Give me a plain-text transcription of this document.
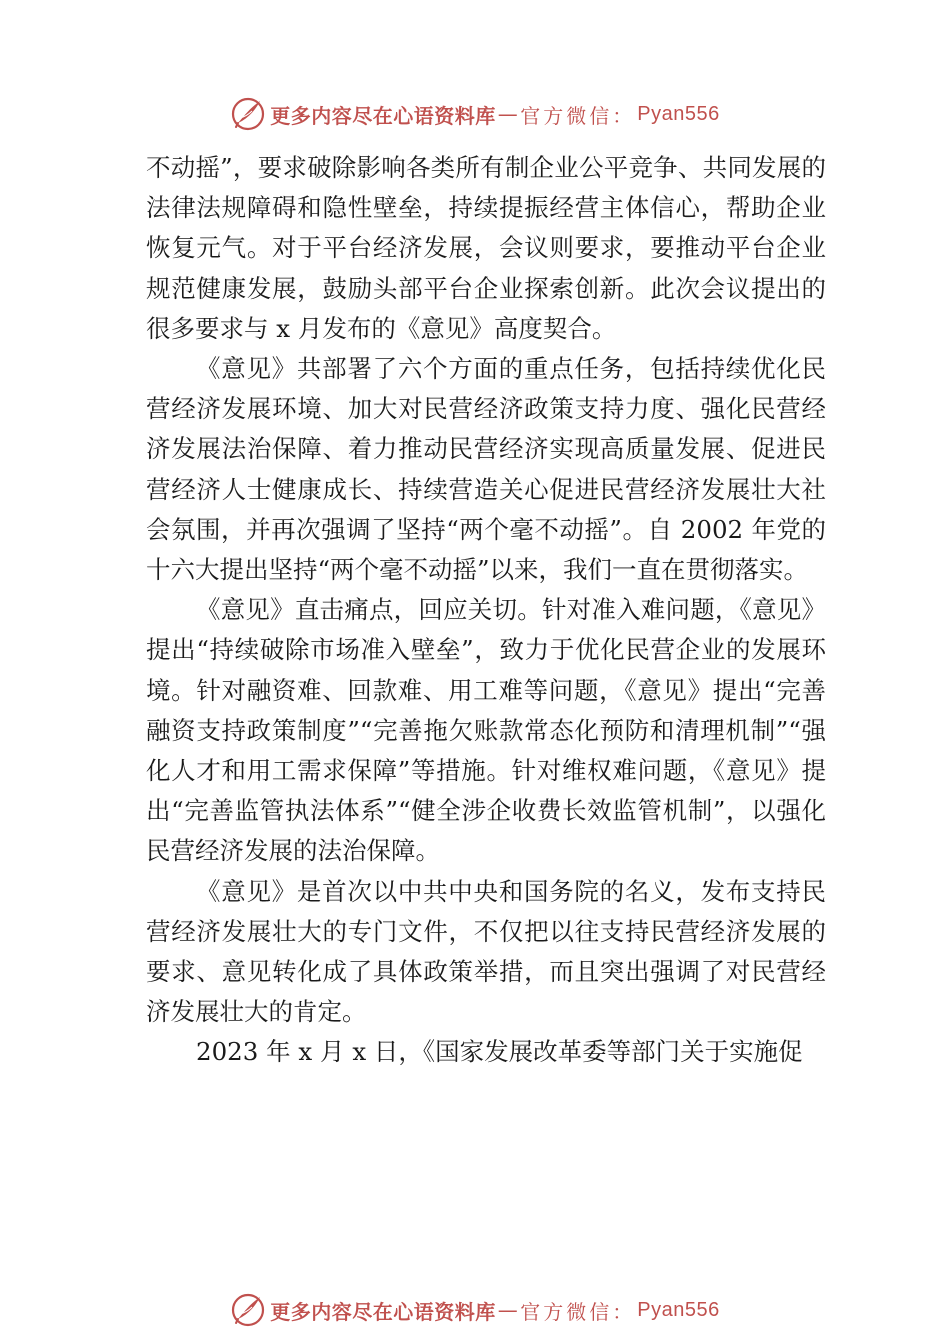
更多内容尽在心语资料库 — 官方微信： Pyan556

不动摇”，要求破除影响各类所有制企业公平竞争、共同发展的法律法规障碍和隐性壁垒，持续提振经营主体信心，帮助企业恢复元气。对于平台经济发展，会议则要求，要推动平台企业规范健康发展，鼓励头部平台企业探索创新。此次会议提出的很多要求与 x 月发布的《意见》高度契合。

《意见》共部署了六个方面的重点任务，包括持续优化民营经济发展环境、加大对民营经济政策支持力度、强化民营经济发展法治保障、着力推动民营经济实现高质量发展、促进民营经济人士健康成长、持续营造关心促进民营经济发展壮大社会氛围，并再次强调了坚持“两个毫不动摇”。自 2002 年党的十六大提出坚持“两个毫不动摇”以来，我们一直在贯彻落实。

《意见》直击痛点，回应关切。针对准入难问题，《意见》提出“持续破除市场准入壁垒”，致力于优化民营企业的发展环境。针对融资难、回款难、用工难等问题，《意见》提出“完善融资支持政策制度”“完善拖欠账款常态化预防和清理机制”“强化人才和用工需求保障”等措施。针对维权难问题，《意见》提出“完善监管执法体系”“健全涉企收费长效监管机制”，以强化民营经济发展的法治保障。

《意见》是首次以中共中央和国务院的名义，发布支持民营经济发展壮大的专门文件，不仅把以往支持民营经济发展的要求、意见转化成了具体政策举措，而且突出强调了对民营经济发展壮大的肯定。

2023 年 x 月 x 日，《国家发展改革委等部门关于实施促

更多内容尽在心语资料库 — 官方微信： Pyan556
